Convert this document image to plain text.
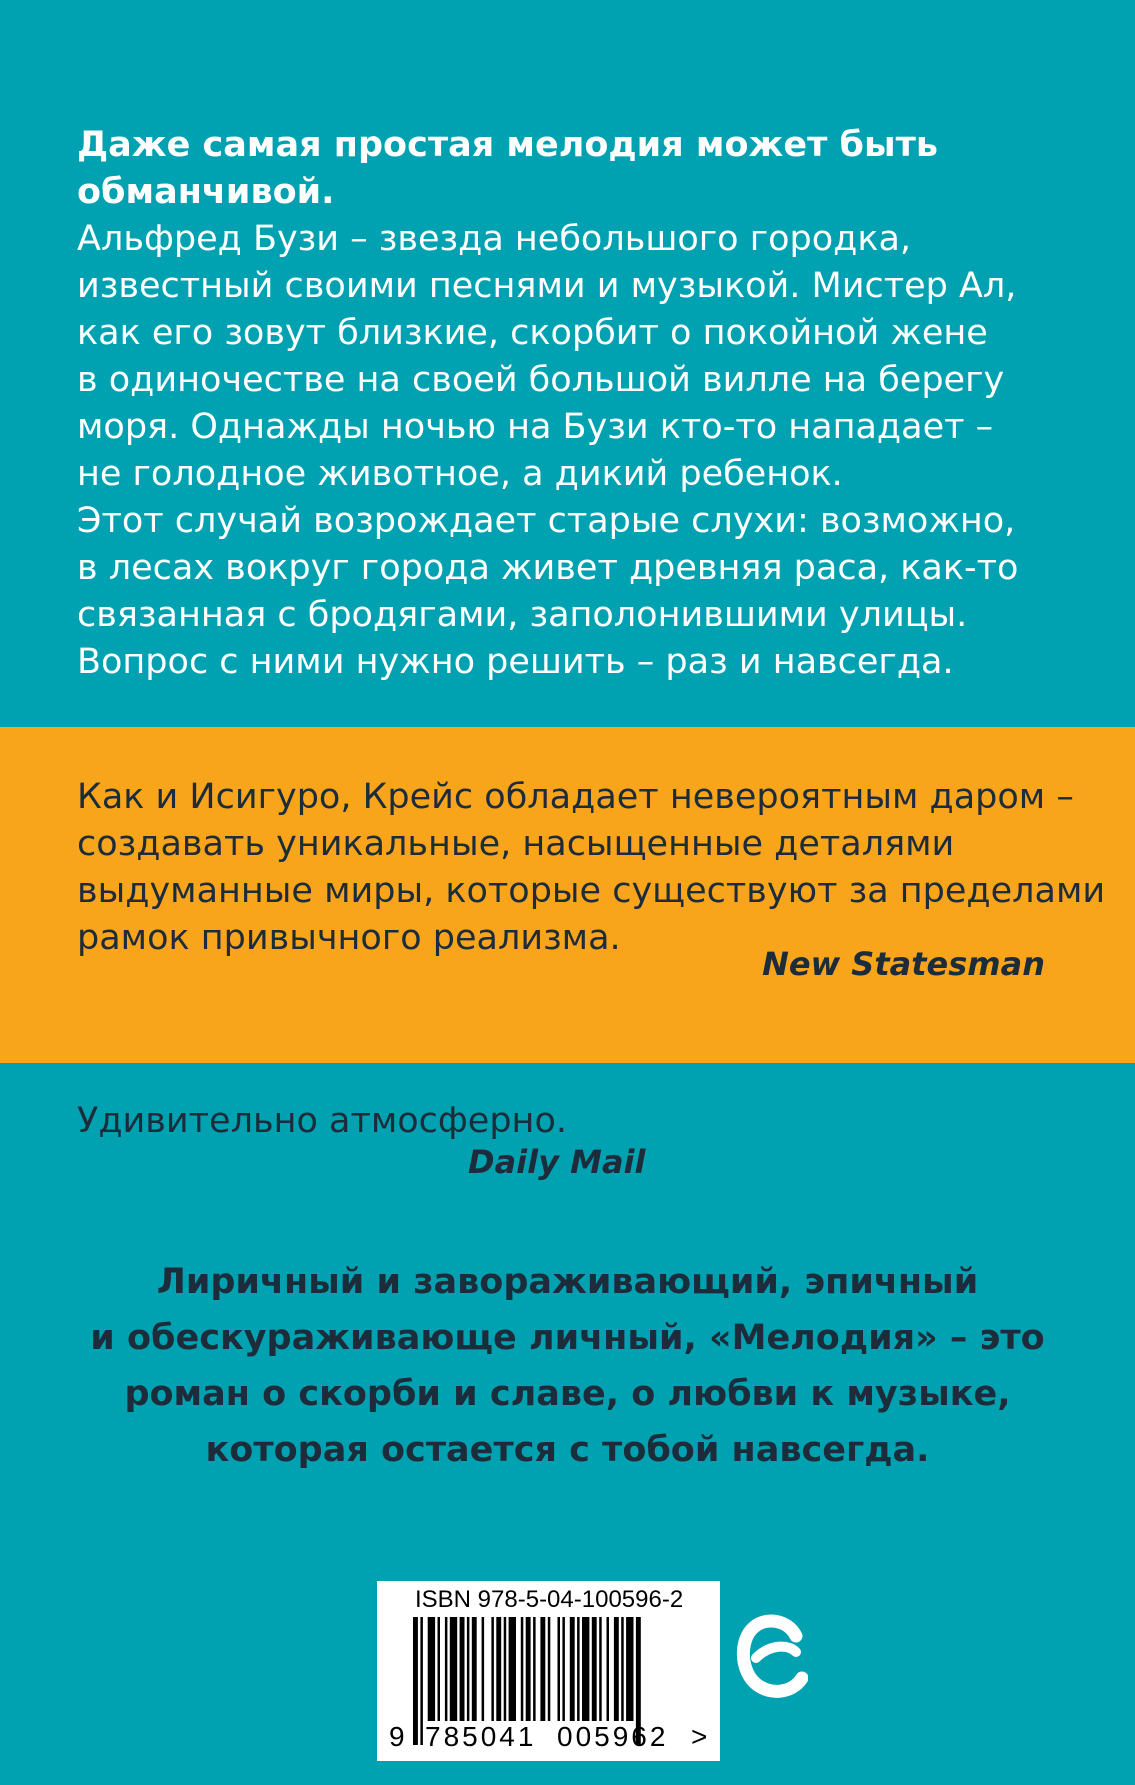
Даже самая простая мелодия может быть
обманчивой.
Альфред Бузи – звезда небольшого городка,
известный своими песнями и музыкой. Мистер Ал,
как его зовут близкие, скорбит о покойной жене
в одиночестве на своей большой вилле на берегу
моря. Однажды ночью на Бузи кто-то нападает –
не голодное животное, а дикий ребенок.
Этот случай возрождает старые слухи: возможно,
в лесах вокруг города живет древняя раса, как-то
связанная с бродягами, заполонившими улицы.
Вопрос с ними нужно решить – раз и навсегда.
Как и Исигуро, Крейс обладает невероятным даром –
создавать уникальные, насыщенные деталями
выдуманные миры, которые существуют за пределами
рамок привычного реализма.
New Statesman
Удивительно атмосферно.
Daily Mail
Лиричный и завораживающий, эпичный
и обескураживающе личный, «Мелодия» – это
роман о скорби и славе, о любви к музыке,
которая остается с тобой навсегда.
ISBN 978-5-04-100596-2
9 785041 005962 >
